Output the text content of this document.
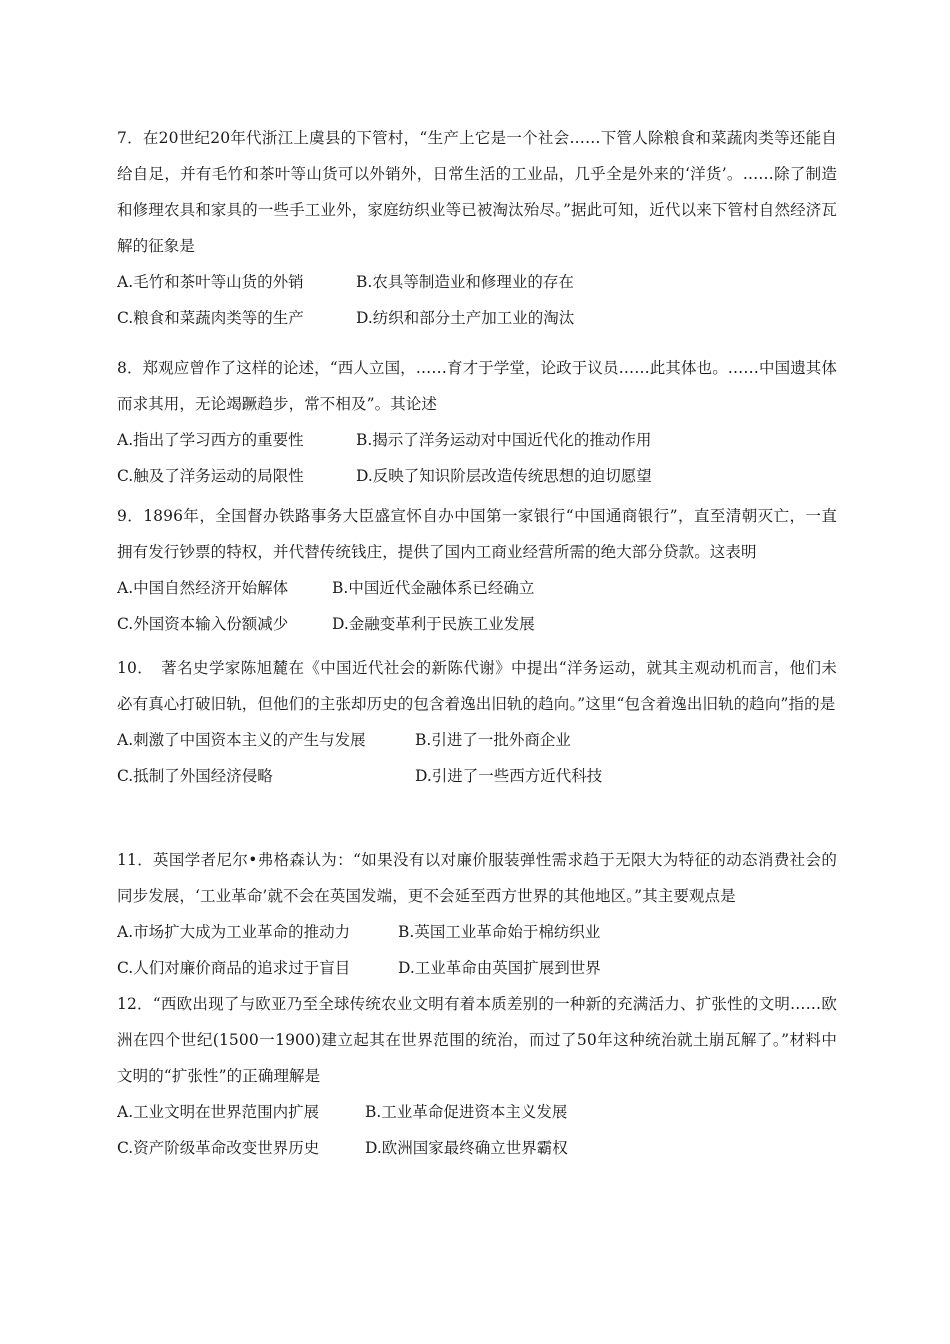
7．在20世纪20年代浙江上虞县的下管村，“生产上它是一个社会……下管人除粮食和菜蔬肉类等还能自给自足，并有毛竹和茶叶等山货可以外销外，日常生活的工业品，几乎全是外来的‘洋货’。……除了制造和修理农具和家具的一些手工业外，家庭纺织业等已被淘汰殆尽。”据此可知，近代以来下管村自然经济瓦解的征象是

A.毛竹和茶叶等山货的外销	B.农具等制造业和修理业的存在
C.粮食和菜蔬肉类等的生产	D.纺织和部分土产加工业的淘汰

8．郑观应曾作了这样的论述，“西人立国，……育才于学堂，论政于议员……此其体也。……中国遗其体而求其用，无论竭蹶趋步，常不相及”。其论述

A.指出了学习西方的重要性	B.揭示了洋务运动对中国近代化的推动作用
C.触及了洋务运动的局限性	D.反映了知识阶层改造传统思想的迫切愿望

9．1896年，全国督办铁路事务大臣盛宣怀自办中国第一家银行“中国通商银行”，直至清朝灭亡，一直拥有发行钞票的特权，并代替传统钱庄，提供了国内工商业经营所需的绝大部分贷款。这表明

A.中国自然经济开始解体	B.中国近代金融体系已经确立
C.外国资本输入份额减少	D.金融变革利于民族工业发展

10．　著名史学家陈旭麓在《中国近代社会的新陈代谢》中提出“洋务运动，就其主观动机而言，他们未必有真心打破旧轨，但他们的主张却历史的包含着逸出旧轨的趋向。”这里“包含着逸出旧轨的趋向”指的是

A.刺激了中国资本主义的产生与发展	B.引进了一批外商企业
C.抵制了外国经济侵略	D.引进了一些西方近代科技

11．英国学者尼尔•弗格森认为：“如果没有以对廉价服装弹性需求趋于无限大为特征的动态消费社会的同步发展，‘工业革命’就不会在英国发端，更不会延至西方世界的其他地区。”其主要观点是

A.市场扩大成为工业革命的推动力	B.英国工业革命始于棉纺织业
C.人们对廉价商品的追求过于盲目	D.工业革命由英国扩展到世界

12．“西欧出现了与欧亚乃至全球传统农业文明有着本质差别的一种新的充满活力、扩张性的文明……欧洲在四个世纪(1500一1900)建立起其在世界范围的统治，而过了50年这种统治就土崩瓦解了。”材料中文明的“扩张性”的正确理解是

A.工业文明在世界范围内扩展	B.工业革命促进资本主义发展
C.资产阶级革命改变世界历史	D.欧洲国家最终确立世界霸权
